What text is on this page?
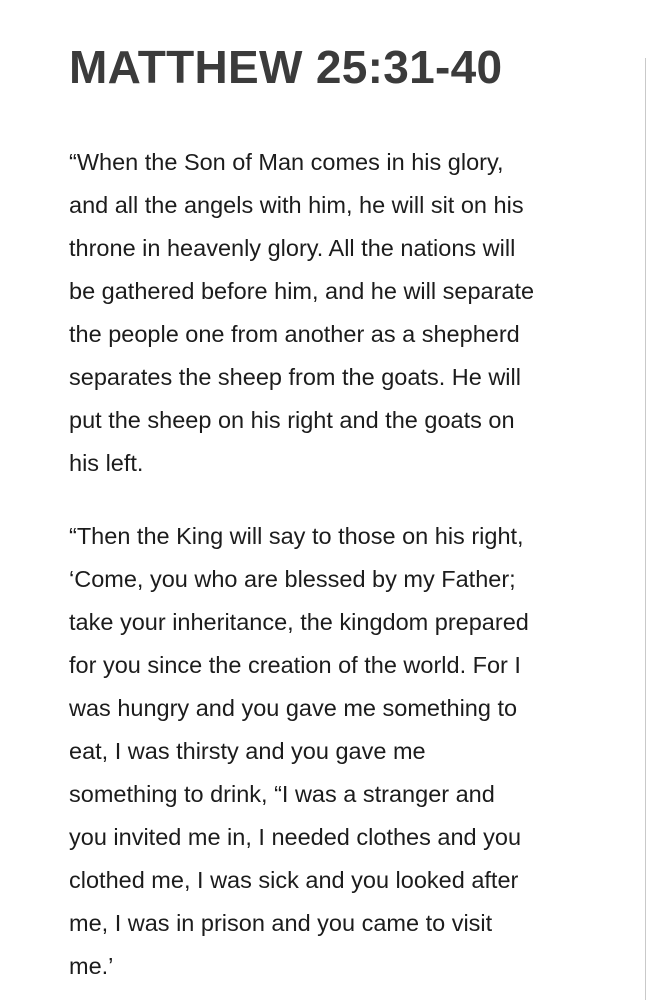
MATTHEW 25:31-40

“When the Son of Man comes in his glory,
and all the angels with him, he will sit on his
throne in heavenly glory. All the nations will
be gathered before him, and he will separate
the people one from another as a shepherd
separates the sheep from the goats. He will
put the sheep on his right and the goats on
his left.

“Then the King will say to those on his right,
‘Come, you who are blessed by my Father;
take your inheritance, the kingdom prepared
for you since the creation of the world. For I
was hungry and you gave me something to
eat, I was thirsty and you gave me
something to drink, “I was a stranger and
you invited me in, I needed clothes and you
clothed me, I was sick and you looked after
me, I was in prison and you came to visit
me.’
